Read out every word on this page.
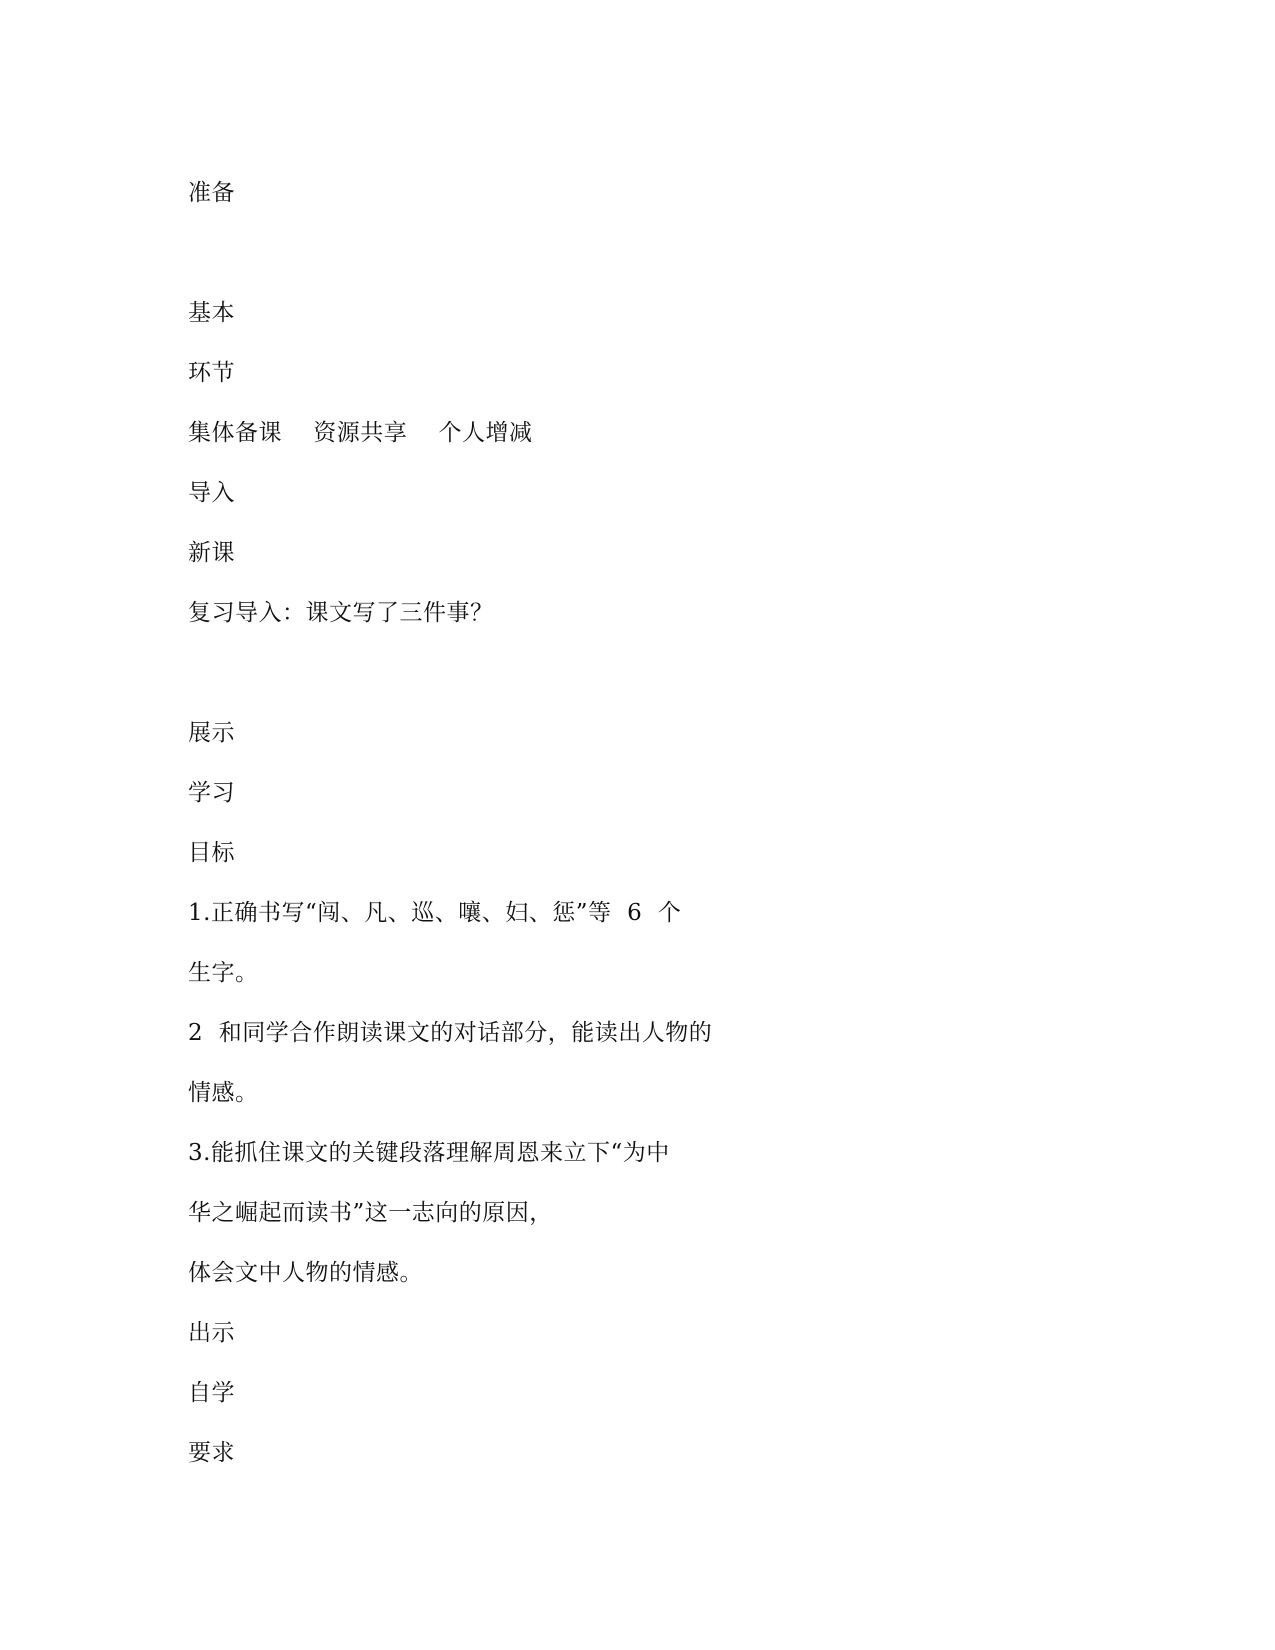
准备
基本
环节
集体备课    资源共享    个人增减
导入
新课
复习导入：课文写了三件事？
展示
学习
目标
1.正确书写“闯、凡、巡、嚷、妇、惩”等  6  个
生字。
2  和同学合作朗读课文的对话部分，能读出人物的
情感。
3.能抓住课文的关键段落理解周恩来立下“为中
华之崛起而读书”这一志向的原因，
体会文中人物的情感。
出示
自学
要求
